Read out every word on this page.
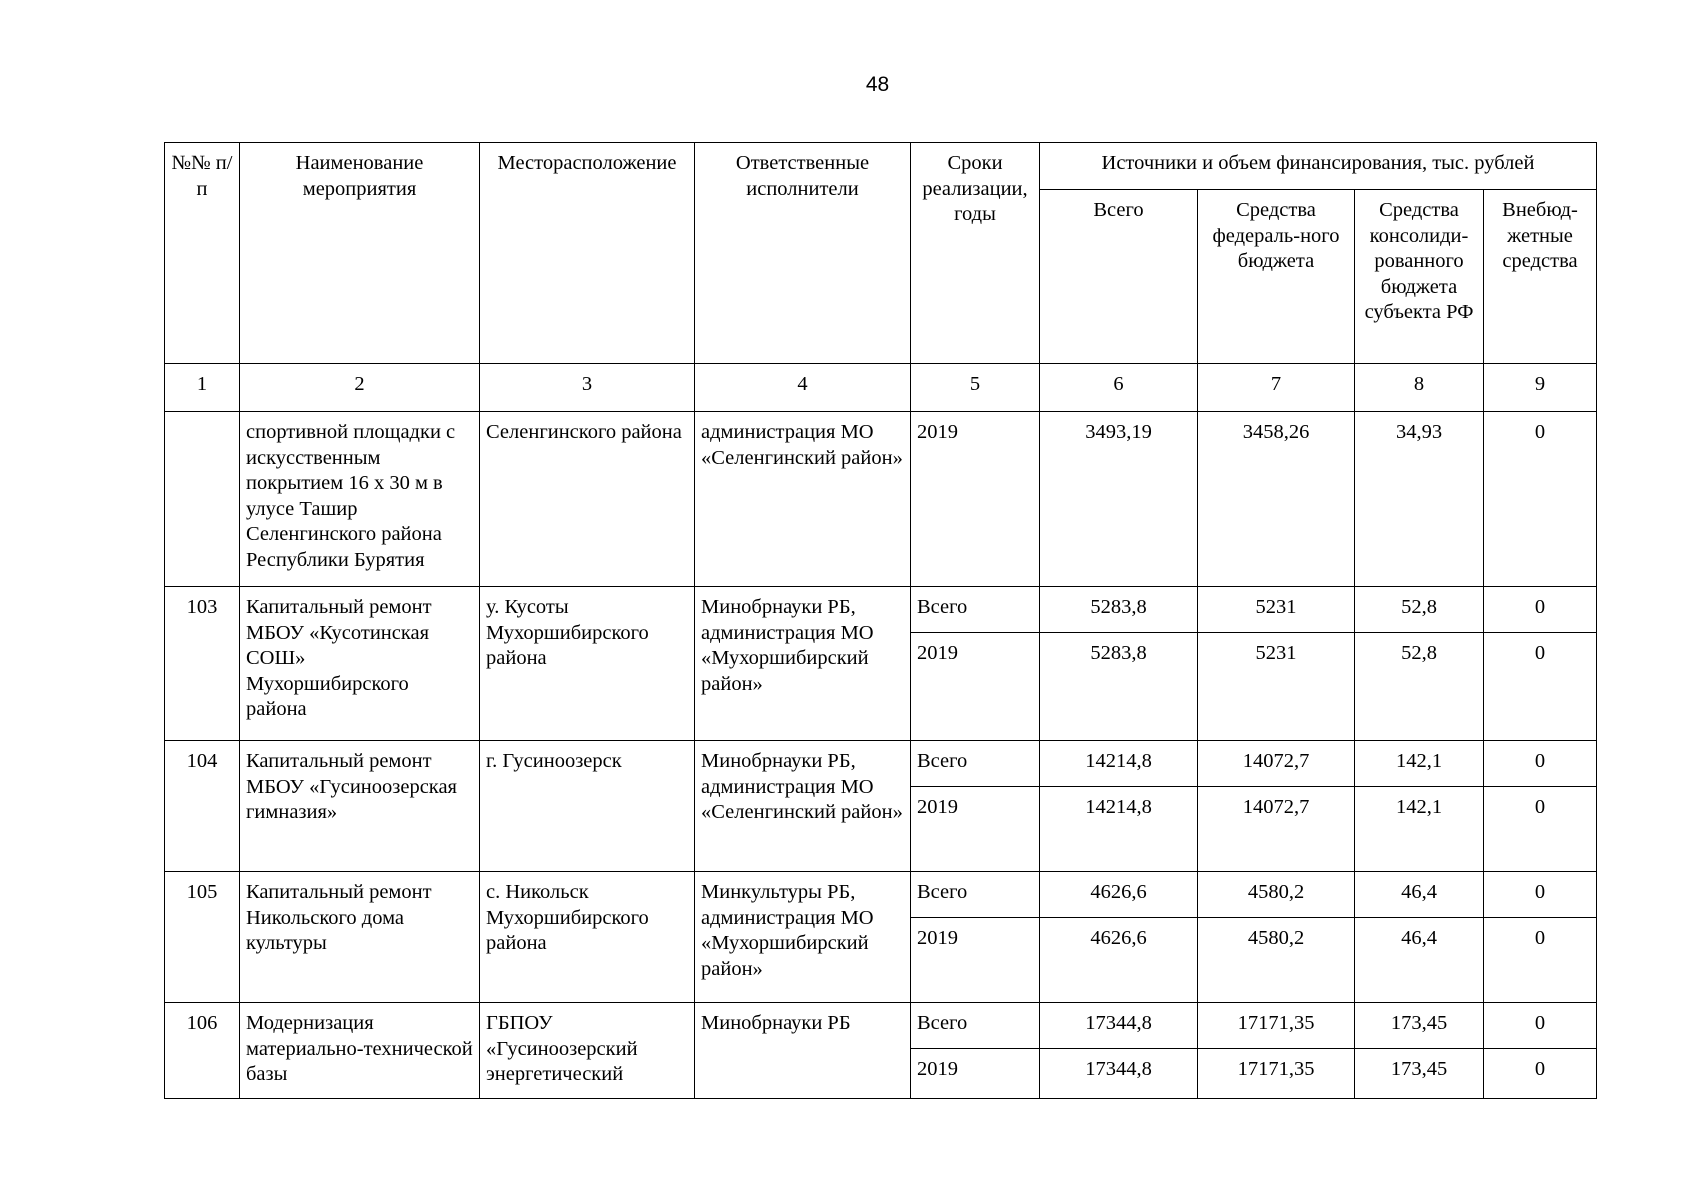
48
№№ п/п	Наименование мероприятия	Месторасположение	Ответственные исполнители	Сроки реализации, годы	Источники и объем финансирования, тыс. рублей			
					Всего	Средства федераль-ного бюджета	Средства консолиди-рованного бюджета субъекта РФ	Внебюд-жетные средства
1	2	3	4	5	6	7	8	9
	спортивной площадки с искусственным покрытием 16 х 30 м в улусе Ташир Селенгинского района Республики Бурятия	Селенгинского района	администрация МО «Селенгинский район»	2019	3493,19	3458,26	34,93	0
103	Капитальный ремонт МБОУ «Кусотинская СОШ» Мухоршибирского района	у. Кусоты Мухоршибирского района	Минобрнауки РБ, администрация МО «Мухоршибирский район»	Всего	5283,8	5231	52,8	0
				2019	5283,8	5231	52,8	0
104	Капитальный ремонт МБОУ «Гусиноозерская гимназия»	г. Гусиноозерск	Минобрнауки РБ, администрация МО «Селенгинский район»	Всего	14214,8	14072,7	142,1	0
				2019	14214,8	14072,7	142,1	0
105	Капитальный ремонт Никольского дома культуры	с. Никольск Мухоршибирского района	Минкультуры РБ, администрация МО «Мухоршибирский район»	Всего	4626,6	4580,2	46,4	0
				2019	4626,6	4580,2	46,4	0
106	Модернизация материально-технической базы	ГБПОУ «Гусиноозерский энергетический	Минобрнауки РБ	Всего	17344,8	17171,35	173,45	0
				2019	17344,8	17171,35	173,45	0
